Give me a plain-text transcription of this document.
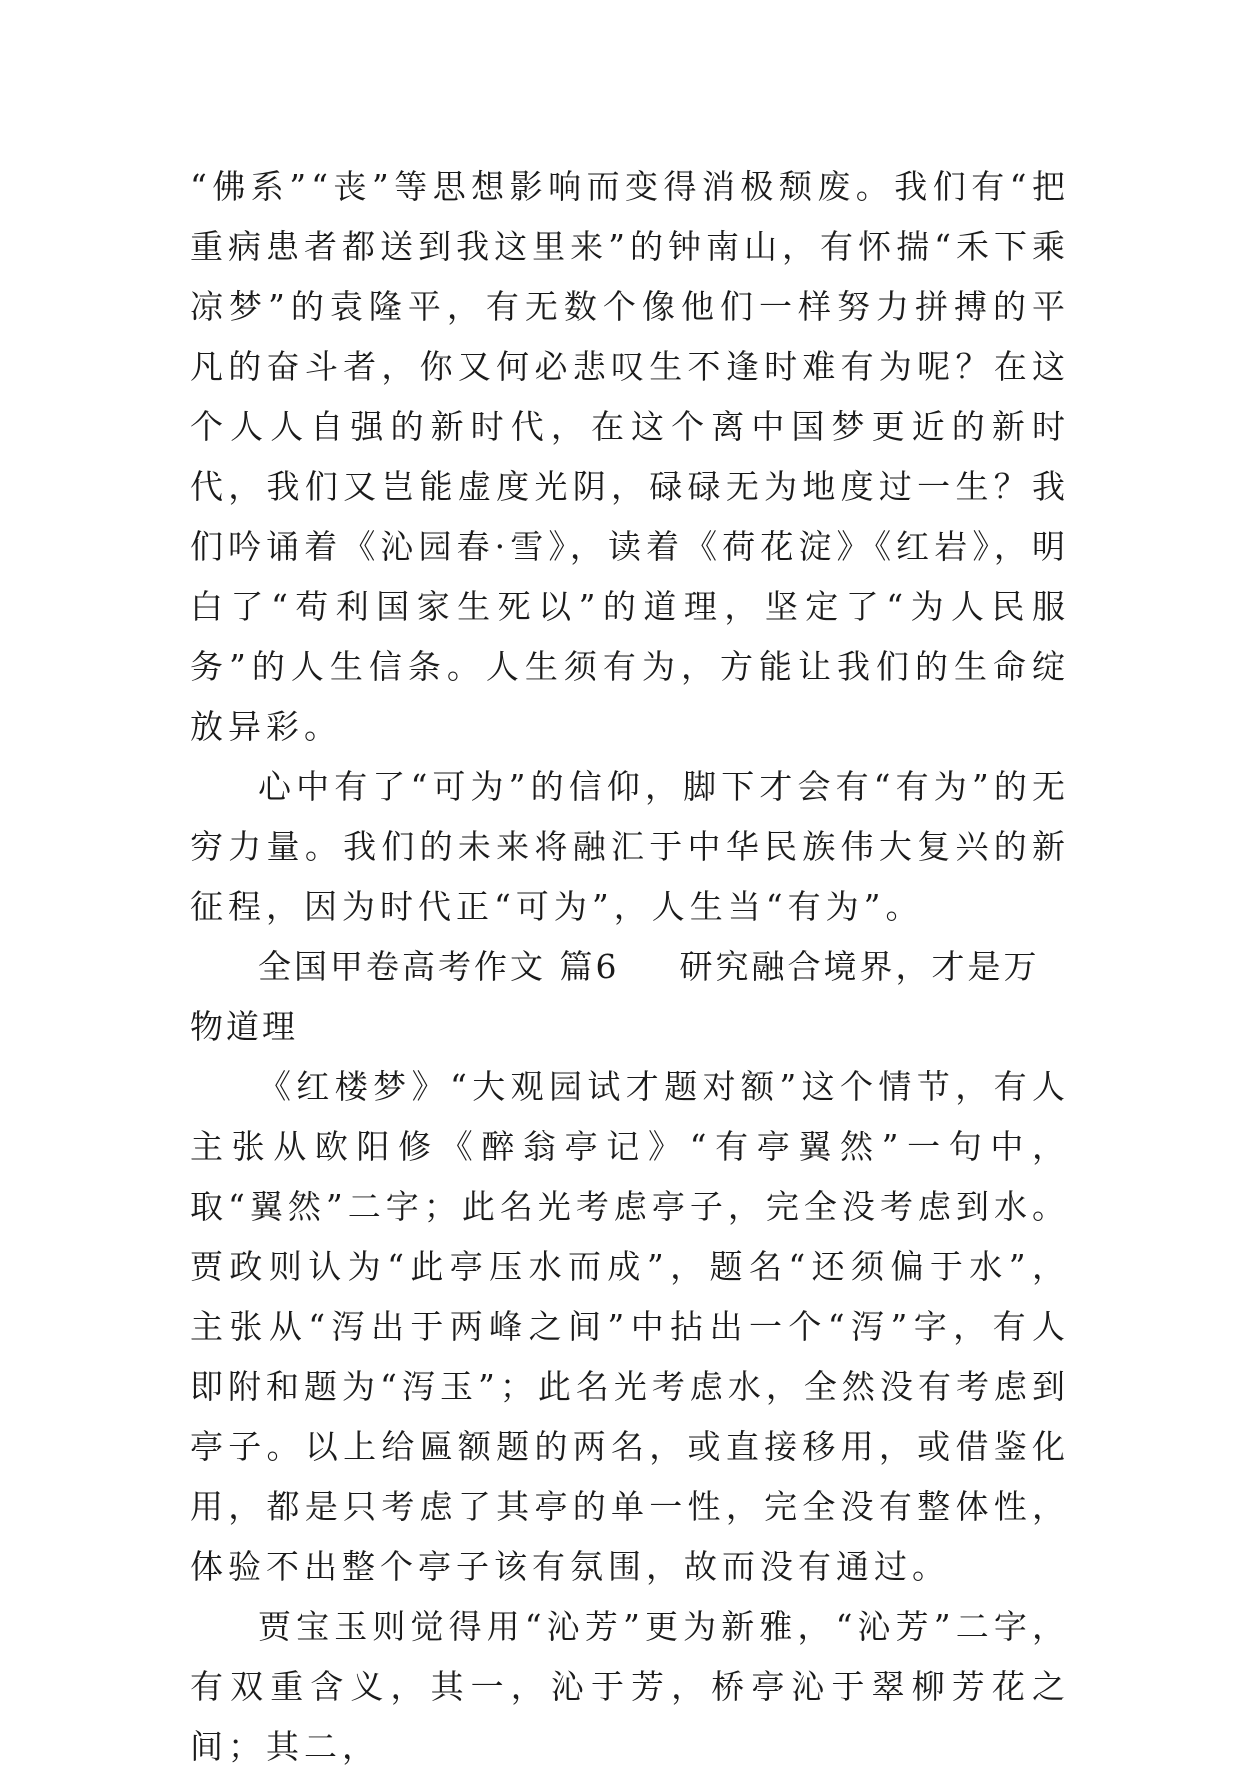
“佛系”“丧”等思想影响而变得消极颓废。我们有“把重病患者都送到我这里来”的钟南山，有怀揣“禾下乘凉梦”的袁隆平，有无数个像他们一样努力拼搏的平凡的奋斗者，你又何必悲叹生不逢时难有为呢？在这个人人自强的新时代，在这个离中国梦更近的新时代，我们又岂能虚度光阴，碌碌无为地度过一生？我们吟诵着《沁园春·雪》，读着《荷花淀》《红岩》，明白了“苟利国家生死以”的道理，坚定了“为人民服务”的人生信条。人生须有为，方能让我们的生命绽放异彩。

心中有了“可为”的信仰，脚下才会有“有为”的无穷力量。我们的未来将融汇于中华民族伟大复兴的新征程，因为时代正“可为”，人生当“有为”。

全国甲卷高考作文 篇6 研究融合境界，才是万物道理

《红楼梦》“大观园试才题对额”这个情节，有人主张从欧阳修《醉翁亭记》“有亭翼然”一句中，取“翼然”二字；此名光考虑亭子，完全没考虑到水。贾政则认为“此亭压水而成”，题名“还须偏于水”，主张从“泻出于两峰之间”中拈出一个“泻”字，有人即附和题为“泻玉”；此名光考虑水，全然没有考虑到亭子。以上给匾额题的两名，或直接移用，或借鉴化用，都是只考虑了其亭的单一性，完全没有整体性，体验不出整个亭子该有氛围，故而没有通过。

贾宝玉则觉得用“沁芳”更为新雅，“沁芳”二字，有双重含义，其一，沁于芳，桥亭沁于翠柳芳花之间；其二，
